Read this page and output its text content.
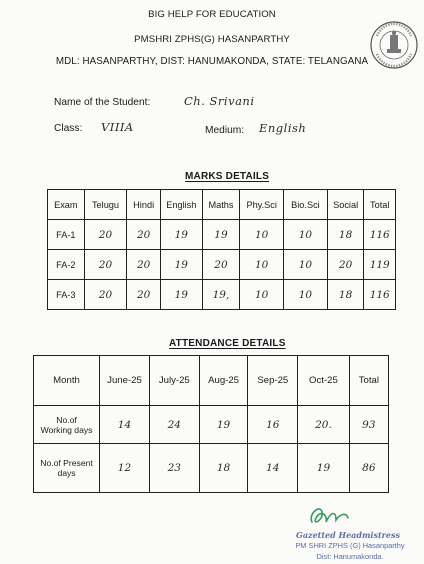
BIG HELP FOR EDUCATION
PMSHRI ZPHS(G) HASANPARTHY
MDL: HASANPARTHY, DIST: HANUMAKONDA, STATE: TELANGANA
Name of the Student:	Ch. Srivani
Class: VIIIA	Medium: English
MARKS DETAILS
Exam	Telugu	Hindi	English	Maths	Phy.Sci	Bio.Sci	Social	Total
FA-1	20	20	19	19	10	10	18	116
FA-2	20	20	19	20	10	10	20	119
FA-3	20	20	19	19,	10	10	18	116
ATTENDANCE DETAILS
Month	June-25	July-25	Aug-25	Sep-25	Oct-25	Total
No.of Working days	14	24	19	16	20.	93
No.of Present days	12	23	18	14	19	86
Gazetted Headmistress
PM SHRI ZPHS (G) Hasanparthy
Dist: Hanumakonda.
